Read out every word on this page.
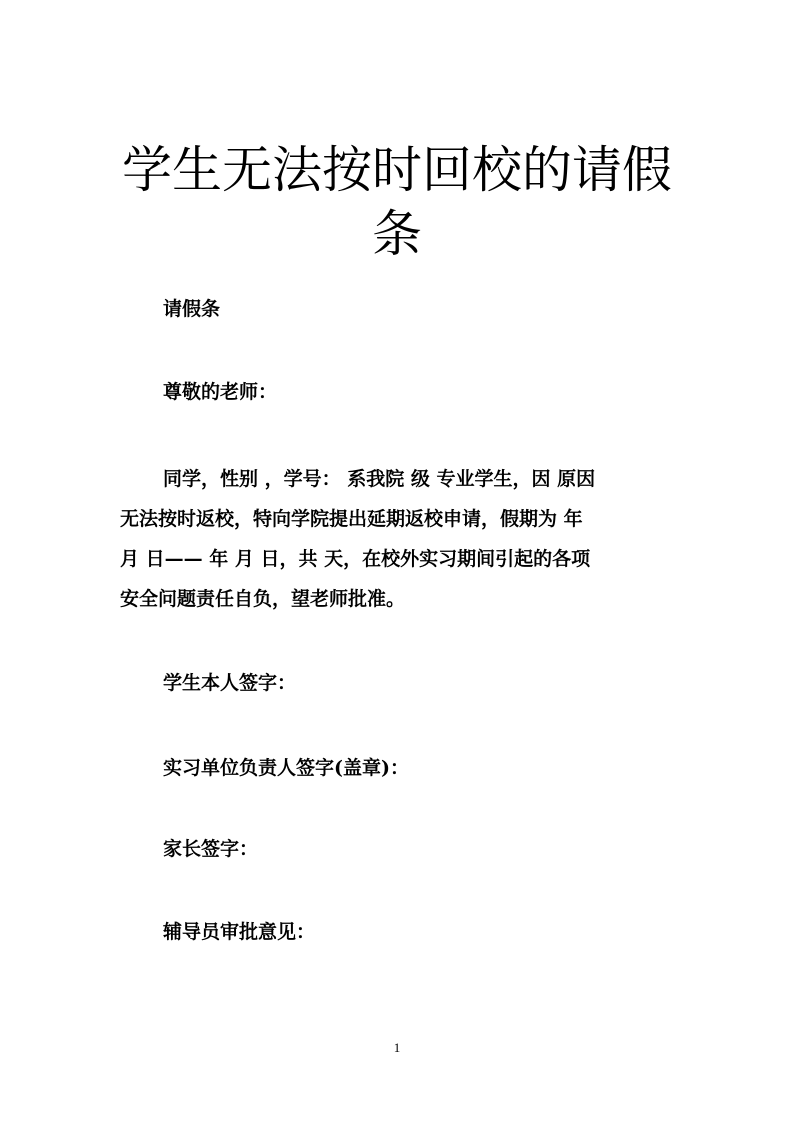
学生无法按时回校的请假条

请假条

尊敬的老师：

同学，性别 ，学号： 系我院 级 专业学生，因 原因
无法按时返校，特向学院提出延期返校申请，假期为 年
月 日—— 年 月 日，共 天，在校外实习期间引起的各项
安全问题责任自负，望老师批准。

学生本人签字：

实习单位负责人签字(盖章)：

家长签字：

辅导员审批意见：

1
